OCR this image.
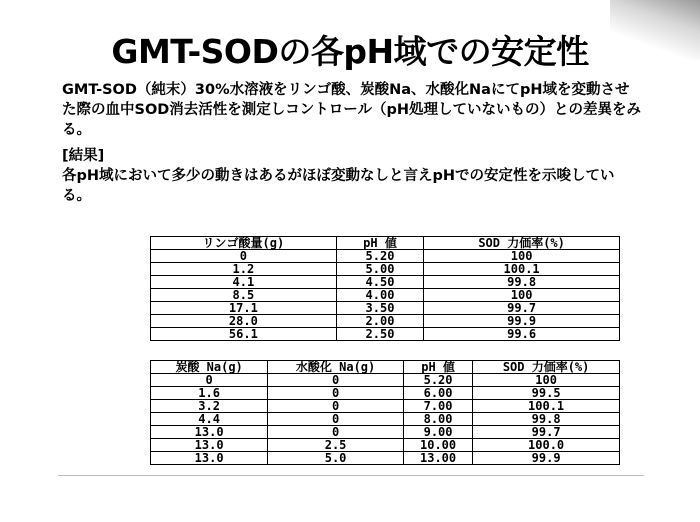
GMT-SODの各pH域での安定性

GMT-SOD（純末）30%水溶液をリンゴ酸、炭酸Na、水酸化NaにてpH域を変動させた際の血中SOD消去活性を測定しコントロール（pH処理していないもの）との差異をみる。

[結果]

各pH域において多少の動きはあるがほぼ変動なしと言えpHでの安定性を示唆している。

リンゴ酸量(g)	pH 値	SOD 力価率(%)
0	5.20	100
1.2	5.00	100.1
4.1	4.50	99.8
8.5	4.00	100
17.1	3.50	99.7
28.0	2.00	99.9
56.1	2.50	99.6
炭酸 Na(g)	水酸化 Na(g)	pH 値	SOD 力価率(%)
0	0	5.20	100
1.6	0	6.00	99.5
3.2	0	7.00	100.1
4.4	0	8.00	99.8
13.0	0	9.00	99.7
13.0	2.5	10.00	100.0
13.0	5.0	13.00	99.9
